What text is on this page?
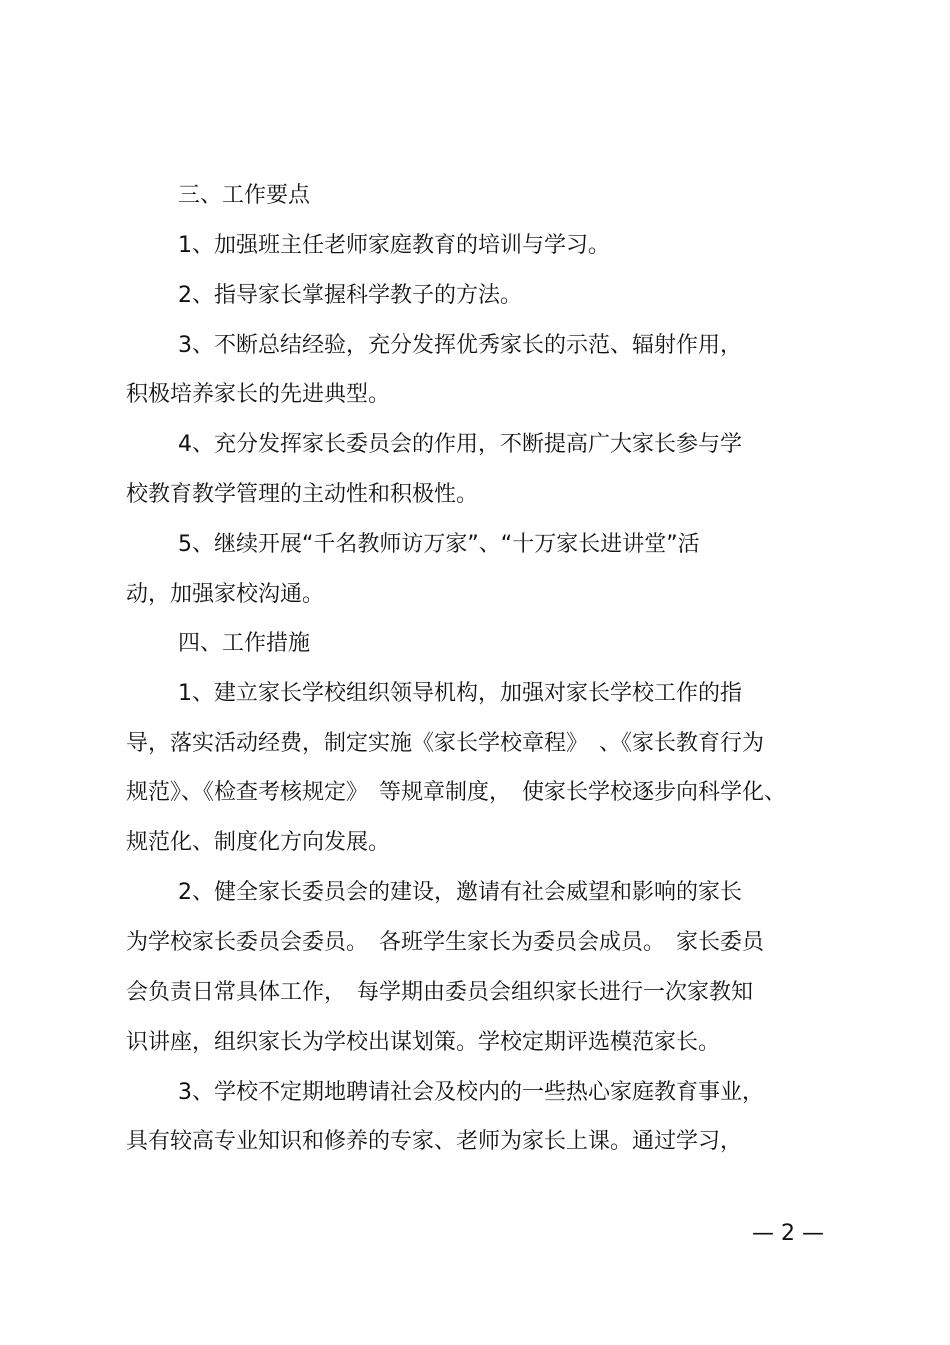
三、工作要点
1、加强班主任老师家庭教育的培训与学习。
2、指导家长掌握科学教子的方法。
3、不断总结经验，充分发挥优秀家长的示范、辐射作用，
积极培养家长的先进典型。
4、充分发挥家长委员会的作用，不断提高广大家长参与学
校教育教学管理的主动性和积极性。
5、继续开展“千名教师访万家”、“十万家长进讲堂”活
动，加强家校沟通。
四、工作措施
1、建立家长学校组织领导机构，加强对家长学校工作的指
导，落实活动经费，制定实施《家长学校章程》　、《家长教育行为
规范》、《检查考核规定》　等规章制度，　使家长学校逐步向科学化、
规范化、制度化方向发展。
2、健全家长委员会的建设，邀请有社会威望和影响的家长
为学校家长委员会委员。　各班学生家长为委员会成员。　家长委员
会负责日常具体工作，　每学期由委员会组织家长进行一次家教知
识讲座，组织家长为学校出谋划策。学校定期评选模范家长。
3、学校不定期地聘请社会及校内的一些热心家庭教育事业，
具有较高专业知识和修养的专家、老师为家长上课。通过学习，
— 2 —
